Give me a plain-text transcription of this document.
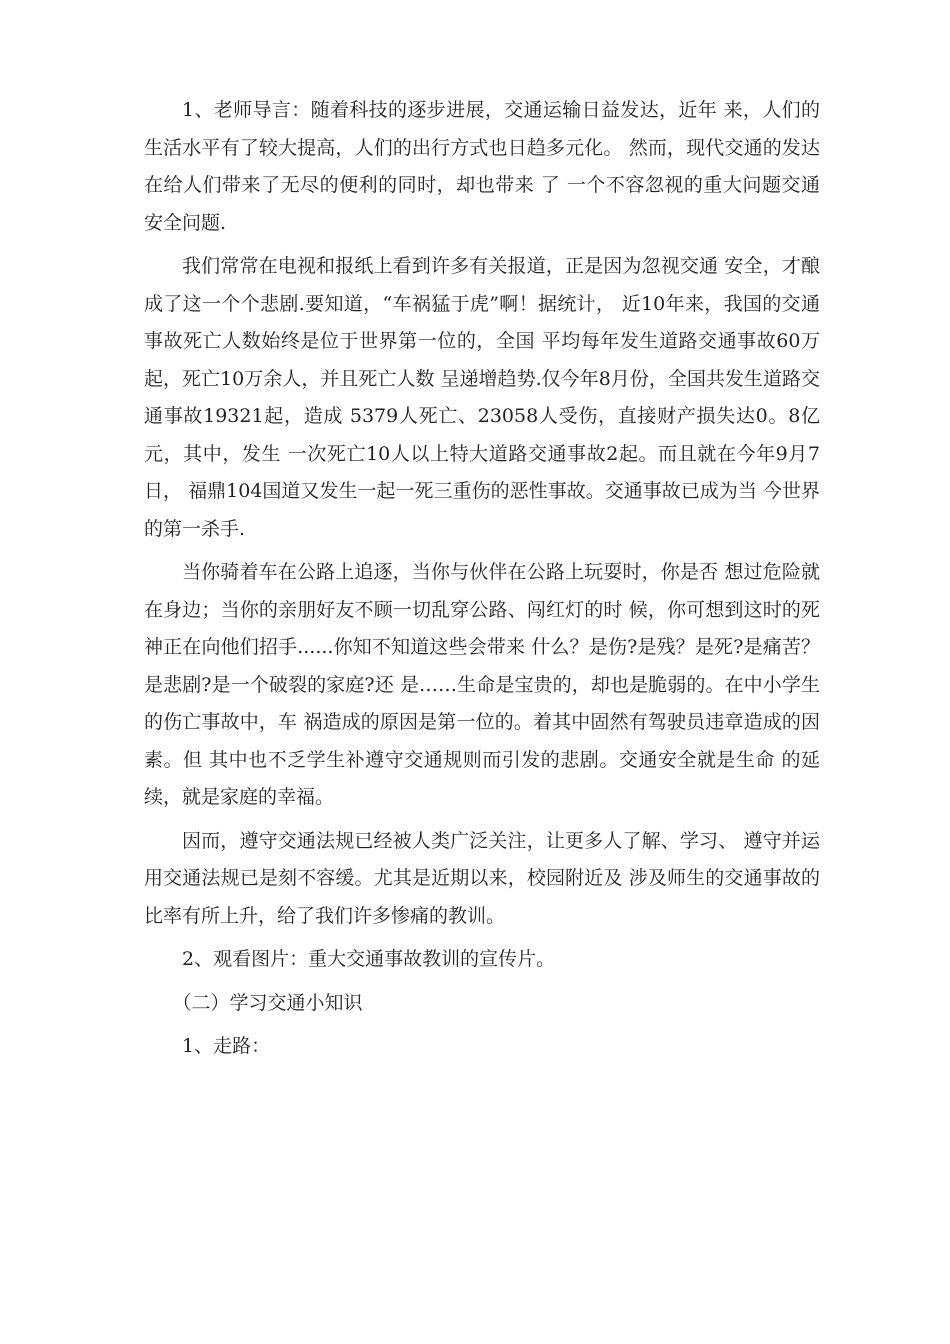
1、老师导言：随着科技的逐步进展，交通运输日益发达，近年 来，人们的生活水平有了较大提高，人们的出行方式也日趋多元化。 然而，现代交通的发达在给人们带来了无尽的便利的同时，却也带来 了 一个不容忽视的重大问题交通安全问题.

我们常常在电视和报纸上看到许多有关报道，正是因为忽视交通 安全，才酿成了这一个个悲剧.要知道，“车祸猛于虎”啊！据统计， 近10年来，我国的交通事故死亡人数始终是位于世界第一位的，全国 平均每年发生道路交通事故60万起，死亡10万余人，并且死亡人数 呈递增趋势.仅今年8月份，全国共发生道路交通事故19321起，造成 5379人死亡、23058人受伤，直接财产损失达0。8亿元，其中，发生 一次死亡10人以上特大道路交通事故2起。而且就在今年9月7日， 福鼎104国道又发生一起一死三重伤的恶性事故。交通事故已成为当 今世界的第一杀手.

当你骑着车在公路上追逐，当你与伙伴在公路上玩耍时，你是否 想过危险就在身边；当你的亲朋好友不顾一切乱穿公路、闯红灯的时 候，你可想到这时的死神正在向他们招手......你知不知道这些会带来 什么？是伤?是残？是死?是痛苦？是悲剧?是一个破裂的家庭?还 是……生命是宝贵的，却也是脆弱的。在中小学生的伤亡事故中，车 祸造成的原因是第一位的。着其中固然有驾驶员违章造成的因素。但 其中也不乏学生补遵守交通规则而引发的悲剧。交通安全就是生命 的延续，就是家庭的幸福。

因而，遵守交通法规已经被人类广泛关注，让更多人了解、学习、 遵守并运用交通法规已是刻不容缓。尤其是近期以来，校园附近及 涉及师生的交通事故的比率有所上升，给了我们许多惨痛的教训。

2、观看图片：重大交通事故教训的宣传片。

（二）学习交通小知识

1、走路：
